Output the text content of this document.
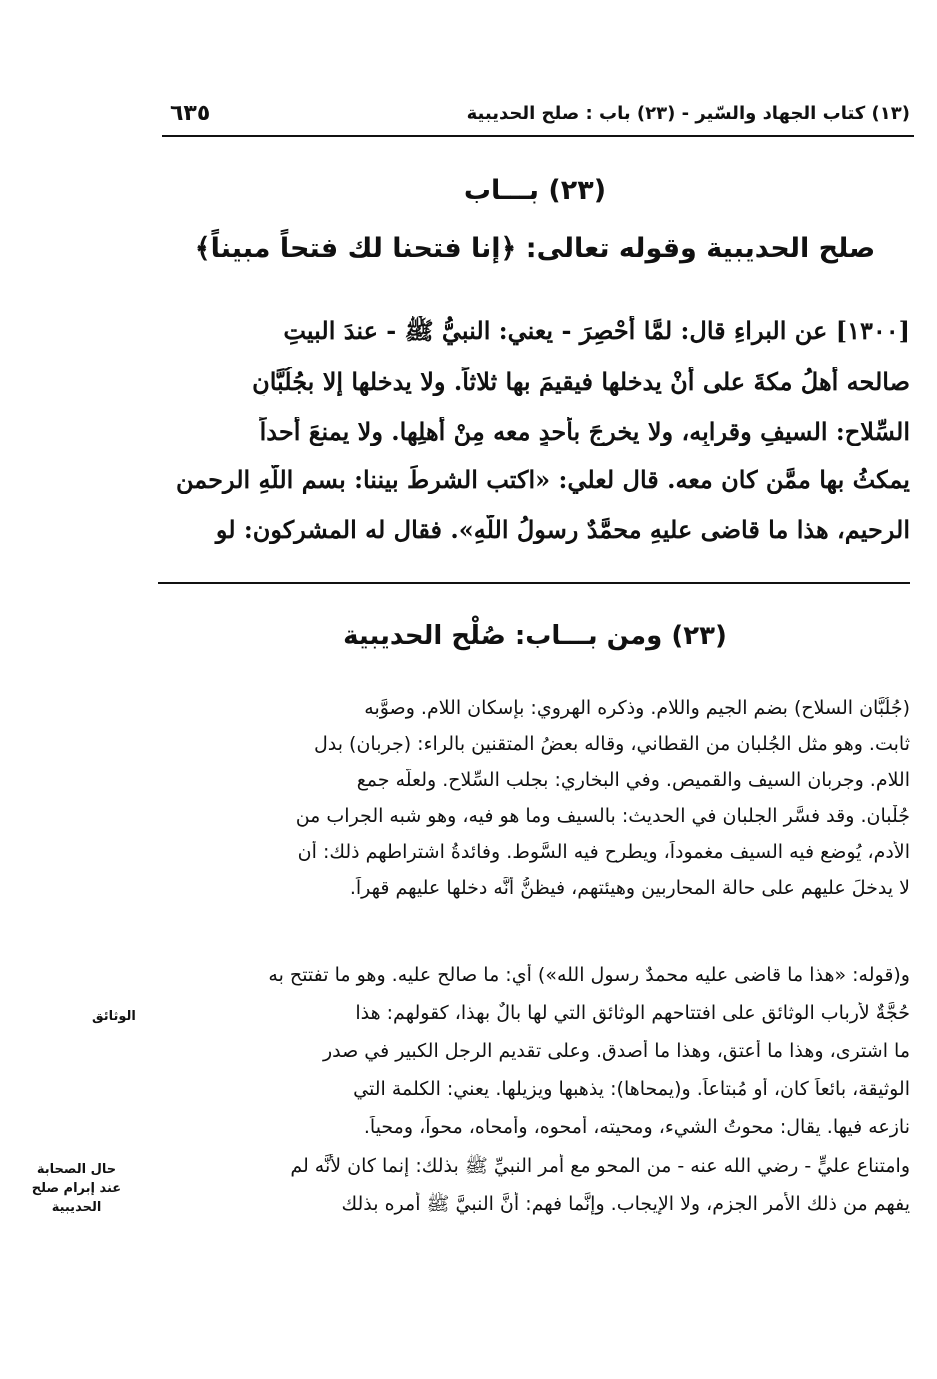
(١٣) كتاب الجهاد والسّير - (٢٣) باب : صلح الحديبية
٦٣٥
(٢٣) بـــاب
صلح الحديبية وقوله تعالى: ﴿إنا فتحنا لك فتحاً مبيناً﴾
[١٣٠٠] عن البراءِ قال: لمَّا أُحْصِرَ - يعني: النبيُّ ﷺ - عندَ البيتِ
صالحه أهلُ مكةَ على أنْ يدخلها فيقيمَ بها ثلاثاً. ولا يدخلها إلا بجُلُبَّانِ
السِّلاحِ: السيفِ وقرابِه، ولا يخرجَ بأحدٍ معه مِنْ أهلِها. ولا يمنعَ أحداً
يمكثُ بها ممَّن كان معه. قال لعلي: «اكتب الشرطَ بيننا: بسم اللّهِ الرحمن
الرحيم، هذا ما قاضى عليهِ محمَّدٌ رسولُ اللّهِ». فقال له المشركون: لو
(٢٣) ومن بـــاب: صُلْح الحديبية
(جُلُبَّان السلاح) بضم الجيم واللام. وذكره الهروي: بإسكان اللام. وصوَّبه
ثابت. وهو مثل الجُلبان من القطاني، وقاله بعضُ المتقنين بالراء: (جربان) بدل
اللام. وجربان السيف والقميص. وفي البخاري: بجلب السِّلاح. ولعلَّه جمع
جُلْبان. وقد فسَّر الجلبان في الحديث: بالسيف وما هو فيه، وهو شبه الجراب من
الأدم، يُوضع فيه السيف مغموداً، ويطرح فيه السَّوط. وفائدةُ اشتراطهم ذلك: أن
لا يدخلَ عليهم على حالة المحاربين وهيئتهم، فيظنُّ أنَّه دخلها عليهم قهراً.
و(قوله: «هذا ما قاضى عليه محمدٌ رسول الله») أي: ما صالح عليه. وهو ما تفتتح به
حُجَّةٌ لأرباب الوثائق على افتتاحهم الوثائق التي لها بالٌ بهذا، كقولهم: هذا
ما اشترى، وهذا ما أعتق، وهذا ما أصدق. وعلى تقديم الرجل الكبير في صدر
الوثيقة، بائعاً كان، أو مُبتاعاً. و(يمحاها): يذهبها ويزيلها. يعني: الكلمة التي
نازعه فيها. يقال: محوتُ الشيء، ومحيته، أمحوه، وأمحاه، محواً، ومحياً.
وامتناع عليٍّ - رضي الله عنه - من المحو مع أمر النبيِّ ﷺ بذلك: إنما كان لأنَّه لم
يفهم من ذلك الأمر الجزم، ولا الإيجاب. وإنَّما فهم: أنَّ النبيَّ ﷺ أمره بذلك
الوثائق
حال الصحابة
عند إبرام صلح
الحديبية
